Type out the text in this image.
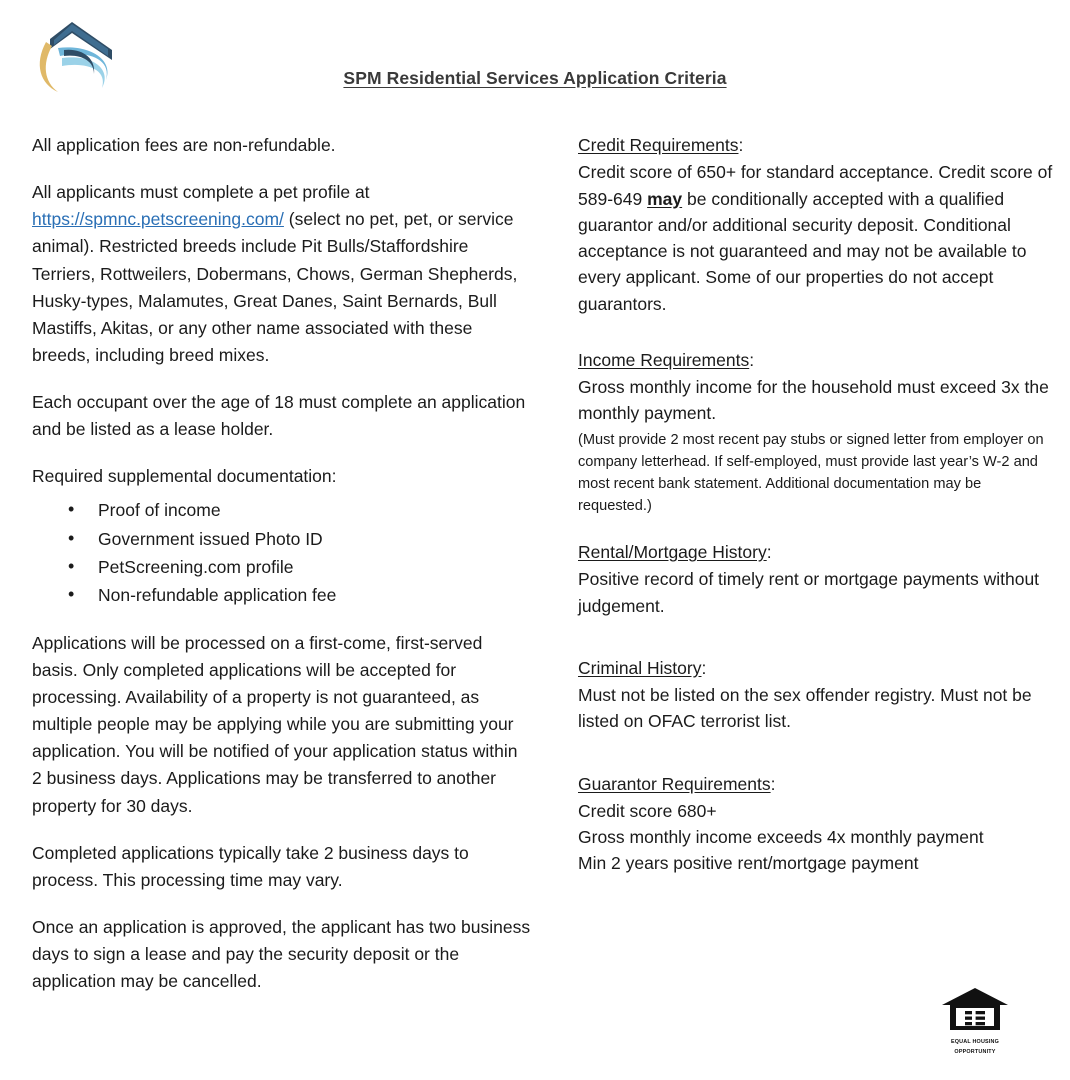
SPM Residential Services Application Criteria

All application fees are non-refundable.

All applicants must complete a pet profile at https://spmnc.petscreening.com/ (select no pet, pet, or service animal). Restricted breeds include Pit Bulls/Staffordshire Terriers, Rottweilers, Dobermans, Chows, German Shepherds, Husky-types, Malamutes, Great Danes, Saint Bernards, Bull Mastiffs, Akitas, or any other name associated with these breeds, including breed mixes.

Each occupant over the age of 18 must complete an application and be listed as a lease holder.

Required supplemental documentation:

• Proof of income
• Government issued Photo ID
• PetScreening.com profile
• Non-refundable application fee

Applications will be processed on a first-come, first-served basis. Only completed applications will be accepted for processing. Availability of a property is not guaranteed, as multiple people may be applying while you are submitting your application. You will be notified of your application status within 2 business days. Applications may be transferred to another property for 30 days.

Completed applications typically take 2 business days to process. This processing time may vary.

Once an application is approved, the applicant has two business days to sign a lease and pay the security deposit or the application may be cancelled.

Credit Requirements:

Credit score of 650+ for standard acceptance. Credit score of 589-649 may be conditionally accepted with a qualified guarantor and/or additional security deposit. Conditional acceptance is not guaranteed and may not be available to every applicant. Some of our properties do not accept guarantors.

Income Requirements:

Gross monthly income for the household must exceed 3x the monthly payment.

(Must provide 2 most recent pay stubs or signed letter from employer on company letterhead. If self-employed, must provide last year’s W-2 and most recent bank statement. Additional documentation may be requested.)

Rental/Mortgage History:

Positive record of timely rent or mortgage payments without judgement.

Criminal History:

Must not be listed on the sex offender registry. Must not be listed on OFAC terrorist list.

Guarantor Requirements:

Credit score 680+

Gross monthly income exceeds 4x monthly payment

Min 2 years positive rent/mortgage payment

EQUAL HOUSING
OPPORTUNITY
